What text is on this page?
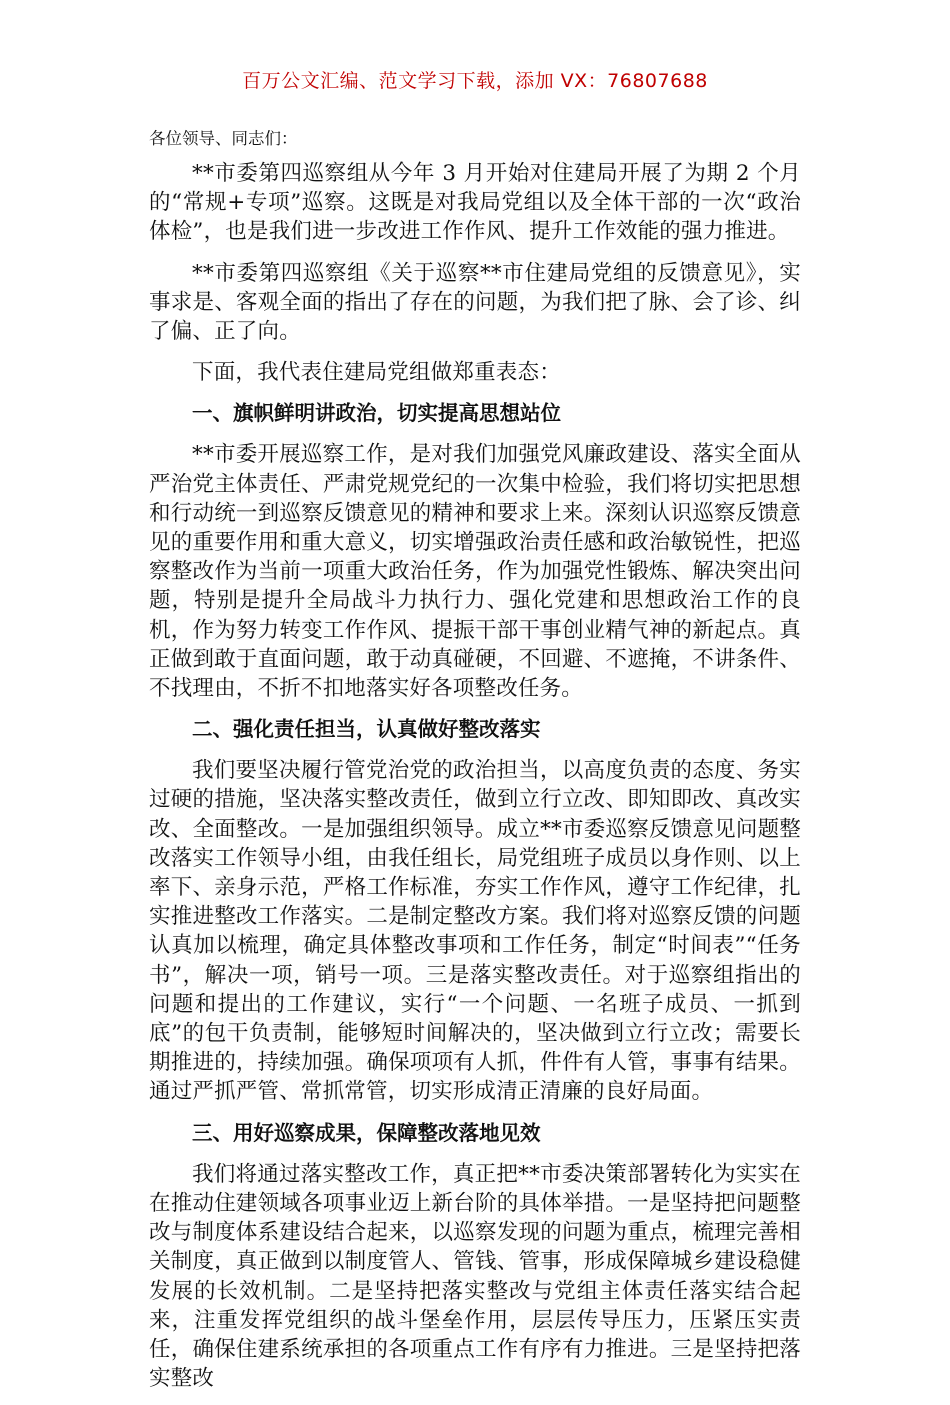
百万公文汇编、范文学习下载，添加 VX：76807688
各位领导、同志们：

**市委第四巡察组从今年 3 月开始对住建局开展了为期 2 个月的“常规+专项”巡察。这既是对我局党组以及全体干部的一次“政治体检”，也是我们进一步改进工作作风、提升工作效能的强力推进。

**市委第四巡察组《关于巡察**市住建局党组的反馈意见》，实事求是、客观全面的指出了存在的问题，为我们把了脉、会了诊、纠了偏、正了向。

下面，我代表住建局党组做郑重表态：

一、旗帜鲜明讲政治，切实提高思想站位

**市委开展巡察工作，是对我们加强党风廉政建设、落实全面从严治党主体责任、严肃党规党纪的一次集中检验，我们将切实把思想和行动统一到巡察反馈意见的精神和要求上来。深刻认识巡察反馈意见的重要作用和重大意义，切实增强政治责任感和政治敏锐性，把巡察整改作为当前一项重大政治任务，作为加强党性锻炼、解决突出问题，特别是提升全局战斗力执行力、强化党建和思想政治工作的良机，作为努力转变工作作风、提振干部干事创业精气神的新起点。真正做到敢于直面问题，敢于动真碰硬，不回避、不遮掩，不讲条件、不找理由，不折不扣地落实好各项整改任务。

二、强化责任担当，认真做好整改落实

我们要坚决履行管党治党的政治担当，以高度负责的态度、务实过硬的措施，坚决落实整改责任，做到立行立改、即知即改、真改实改、全面整改。一是加强组织领导。成立**市委巡察反馈意见问题整改落实工作领导小组，由我任组长，局党组班子成员以身作则、以上率下、亲身示范，严格工作标准，夯实工作作风，遵守工作纪律，扎实推进整改工作落实。二是制定整改方案。我们将对巡察反馈的问题认真加以梳理，确定具体整改事项和工作任务，制定“时间表”“任务书”，解决一项，销号一项。三是落实整改责任。对于巡察组指出的问题和提出的工作建议，实行“一个问题、一名班子成员、一抓到底”的包干负责制，能够短时间解决的，坚决做到立行立改；需要长期推进的，持续加强。确保项项有人抓，件件有人管，事事有结果。通过严抓严管、常抓常管，切实形成清正清廉的良好局面。

三、用好巡察成果，保障整改落地见效

我们将通过落实整改工作，真正把**市委决策部署转化为实实在在推动住建领域各项事业迈上新台阶的具体举措。一是坚持把问题整改与制度体系建设结合起来，以巡察发现的问题为重点，梳理完善相关制度，真正做到以制度管人、管钱、管事，形成保障城乡建设稳健发展的长效机制。二是坚持把落实整改与党组主体责任落实结合起来，注重发挥党组织的战斗堡垒作用，层层传导压力，压紧压实责任，确保住建系统承担的各项重点工作有序有力推进。三是坚持把落实整改
